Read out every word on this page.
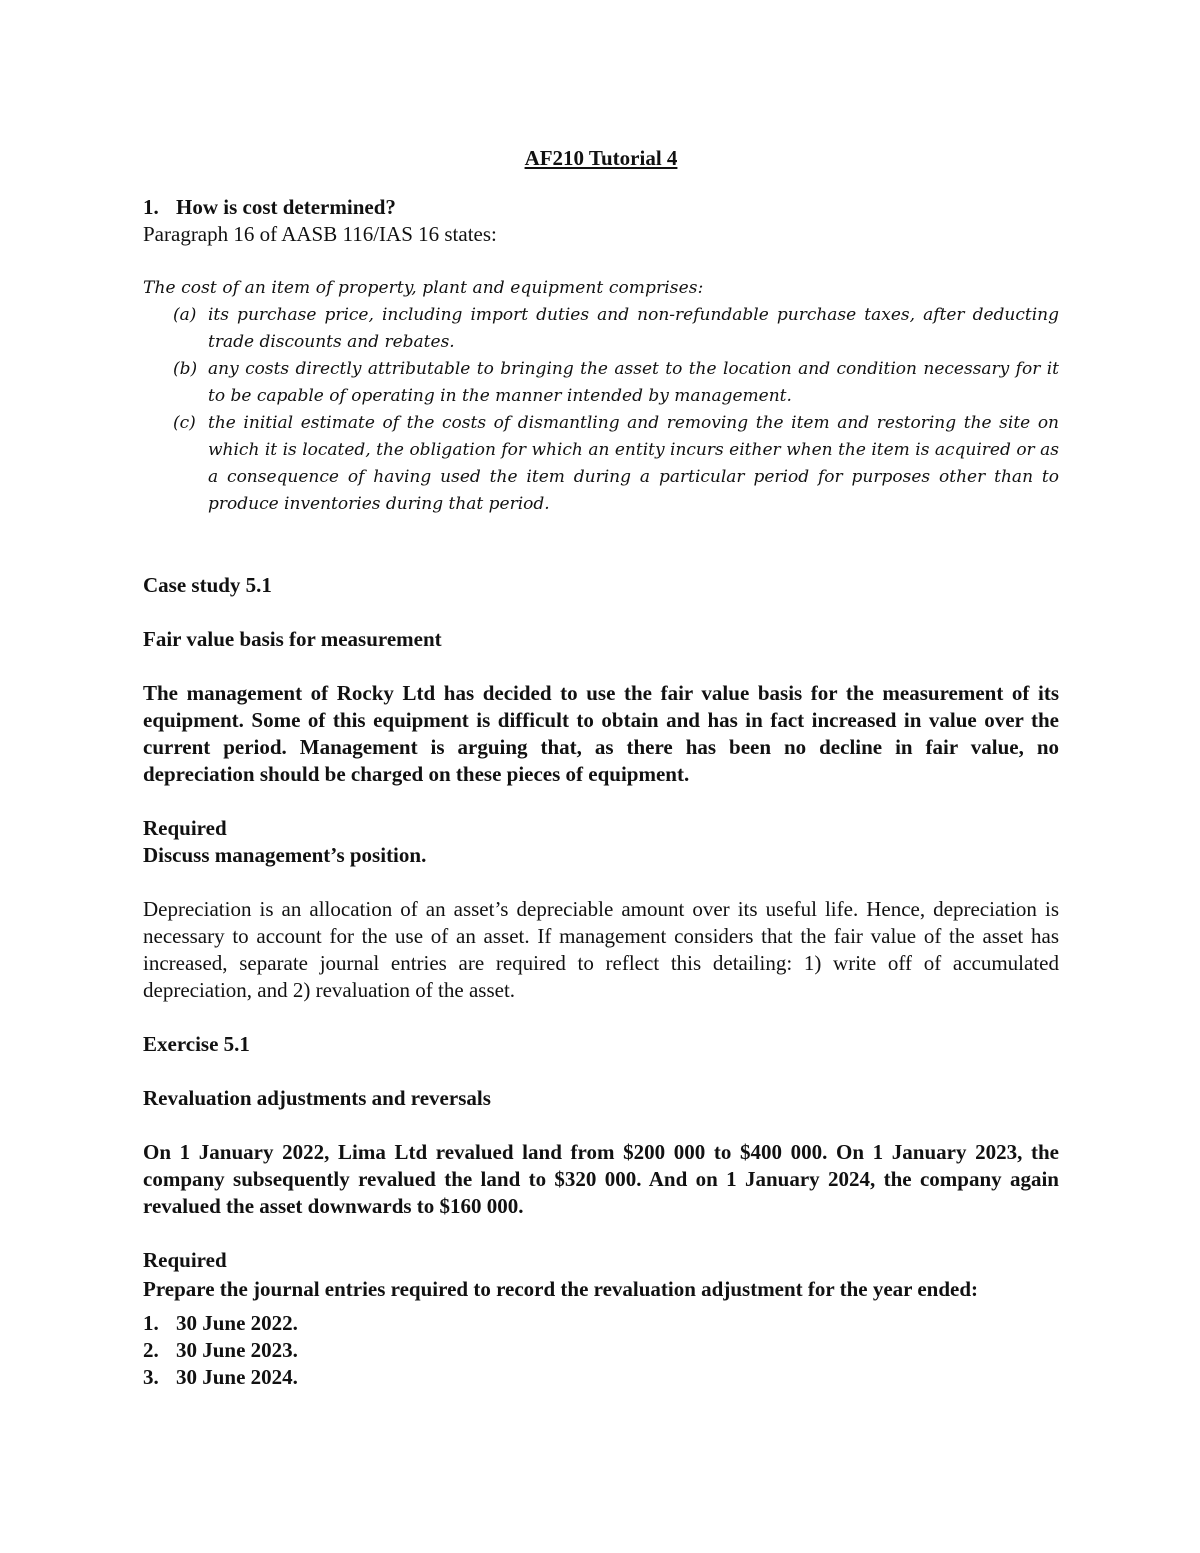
AF210 Tutorial 4

1. How is cost determined?

Paragraph 16 of AASB 116/IAS 16 states:

The cost of an item of property, plant and equipment comprises:

(a) its purchase price, including import duties and non-refundable purchase taxes, after deducting trade discounts and rebates.
(b) any costs directly attributable to bringing the asset to the location and condition necessary for it to be capable of operating in the manner intended by management.
(c) the initial estimate of the costs of dismantling and removing the item and restoring the site on which it is located, the obligation for which an entity incurs either when the item is acquired or as a consequence of having used the item during a particular period for purposes other than to produce inventories during that period.

Case study 5.1

Fair value basis for measurement

The management of Rocky Ltd has decided to use the fair value basis for the measurement of its equipment. Some of this equipment is difficult to obtain and has in fact increased in value over the current period. Management is arguing that, as there has been no decline in fair value, no depreciation should be charged on these pieces of equipment.

Required

Discuss management’s position.

Depreciation is an allocation of an asset’s depreciable amount over its useful life. Hence, depreciation is necessary to account for the use of an asset. If management considers that the fair value of the asset has increased, separate journal entries are required to reflect this detailing: 1) write off of accumulated depreciation, and 2) revaluation of the asset.

Exercise 5.1

Revaluation adjustments and reversals

On 1 January 2022, Lima Ltd revalued land from $200 000 to $400 000. On 1 January 2023, the company subsequently revalued the land to $320 000. And on 1 January 2024, the company again revalued the asset downwards to $160 000.

Required

Prepare the journal entries required to record the revaluation adjustment for the year ended:

1. 30 June 2022.
2. 30 June 2023.
3. 30 June 2024.
